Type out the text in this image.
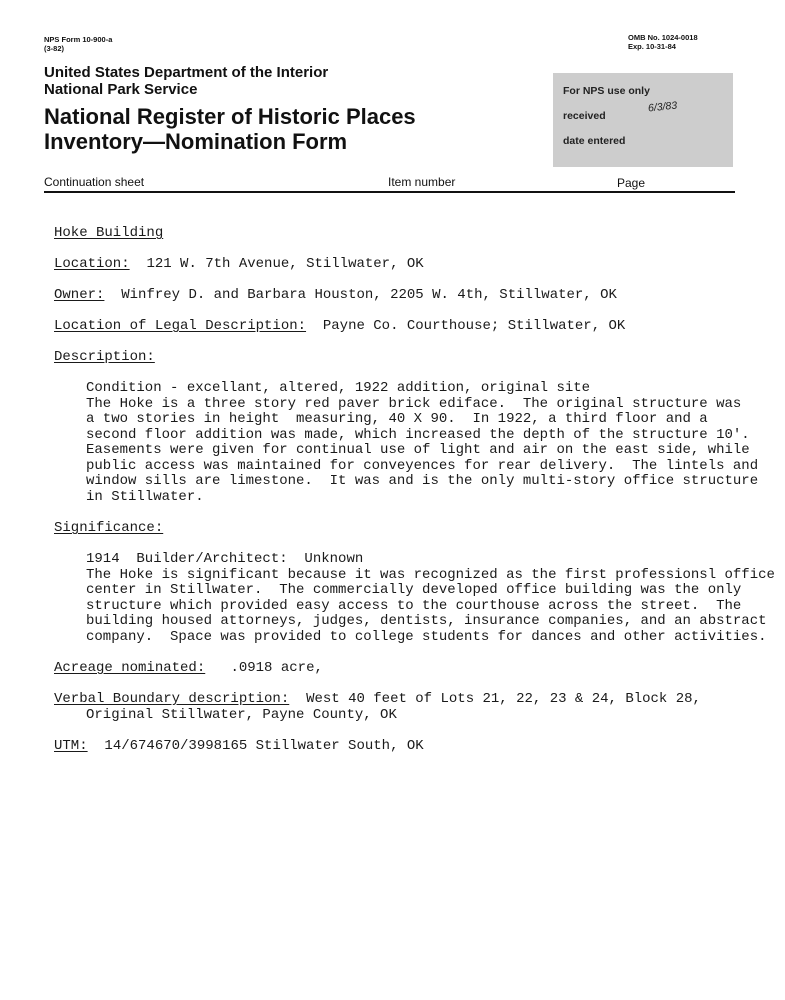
NPS Form 10-900-a
(3-82)
OMB No. 1024-0018
Exp. 10-31-84
United States Department of the Interior
National Park Service
National Register of Historic Places
Inventory—Nomination Form
For NPS use only
received
6/3/83
date entered
Continuation sheet	Item number	Page
Hoke Building
Location: 121 W. 7th Avenue, Stillwater, OK
Owner: Winfrey D. and Barbara Houston, 2205 W. 4th, Stillwater, OK
Location of Legal Description: Payne Co. Courthouse; Stillwater, OK
Description:
Condition - excellant, altered, 1922 addition, original site
The Hoke is a three story red paver brick ediface.  The original structure was
a two stories in height  measuring, 40 X 90.  In 1922, a third floor and a
second floor addition was made, which increased the depth of the structure 10'.
Easements were given for continual use of light and air on the east side, while
public access was maintained for conveyences for rear delivery.  The lintels and
window sills are limestone.  It was and is the only multi-story office structure
in Stillwater.
Significance:
1914  Builder/Architect:  Unknown
The Hoke is significant because it was recognized as the first professionsl office
center in Stillwater.  The commercially developed office building was the only
structure which provided easy access to the courthouse across the street.  The
building housed attorneys, judges, dentists, insurance companies, and an abstract
company.  Space was provided to college students for dances and other activities.
Acreage nominated: .0918 acre,
Verbal Boundary description: West 40 feet of Lots 21, 22, 23 & 24, Block 28,
Original Stillwater, Payne County, OK
UTM: 14/674670/3998165 Stillwater South, OK
